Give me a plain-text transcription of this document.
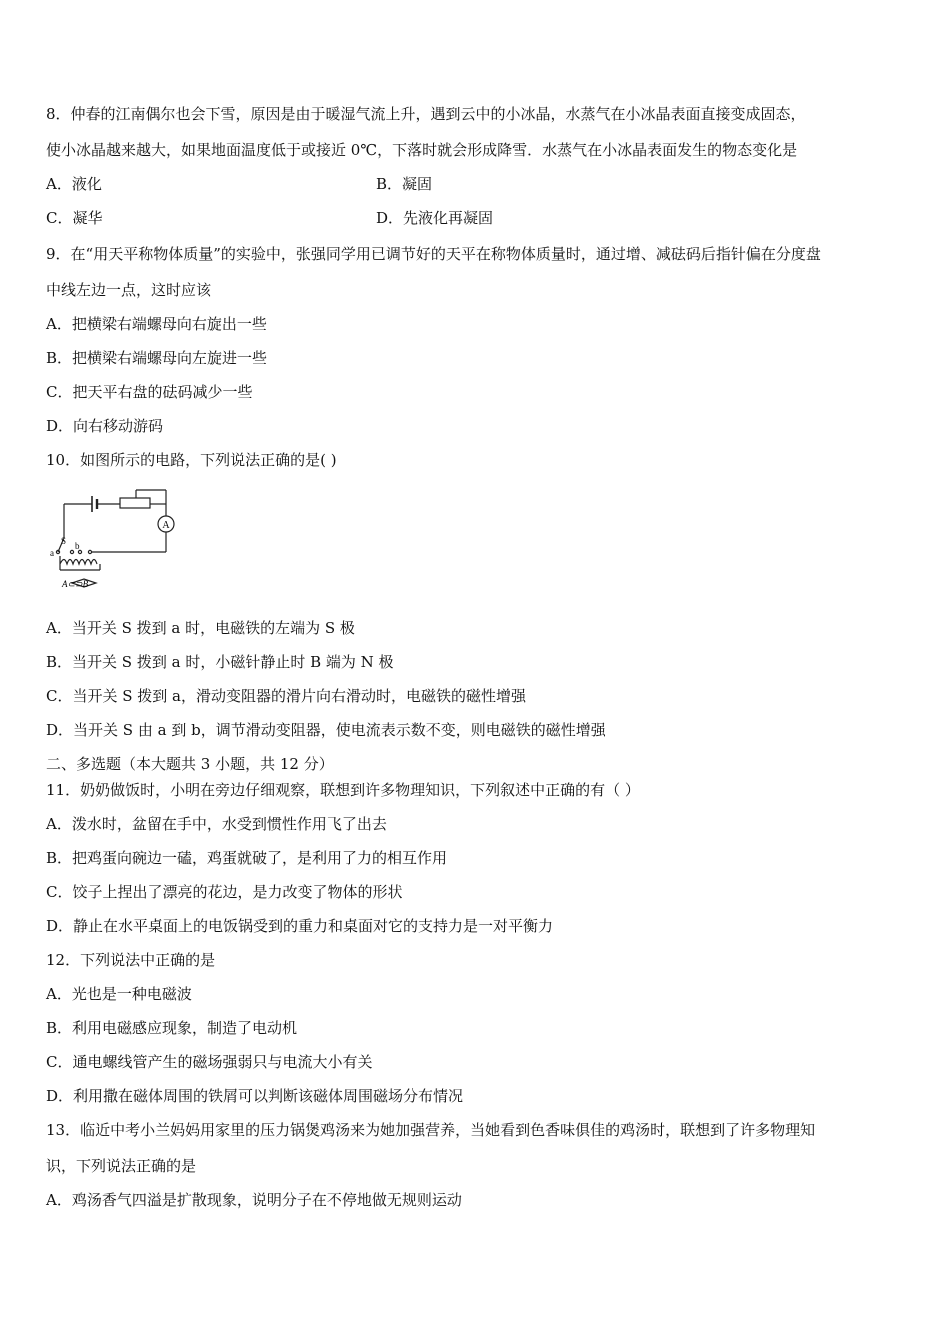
8．仲春的江南偶尔也会下雪，原因是由于暖湿气流上升，遇到云中的小冰晶，水蒸气在小冰晶表面直接变成固态，
使小冰晶越来越大，如果地面温度低于或接近 0℃，下落时就会形成降雪．水蒸气在小冰晶表面发生的物态变化是
A．液化	B．凝固
C．凝华	D．先液化再凝固
9．在“用天平称物体质量”的实验中，张强同学用已调节好的天平在称物体质量时，通过增、减砝码后指针偏在分度盘
中线左边一点，这时应该
A．把横梁右端螺母向右旋出一些
B．把横梁右端螺母向左旋进一些
C．把天平右盘的砝码减少一些
D．向右移动游码
10．如图所示的电路，下列说法正确的是( )
A
S
a
b
A⊂⊃B
A．当开关 S 拨到 a 时，电磁铁的左端为 S 极
B．当开关 S 拨到 a 时，小磁针静止时 B 端为 N 极
C．当开关 S 拨到 a，滑动变阻器的滑片向右滑动时，电磁铁的磁性增强
D．当开关 S 由 a 到 b，调节滑动变阻器，使电流表示数不变，则电磁铁的磁性增强
二、多选题（本大题共 3 小题，共 12 分）
11．奶奶做饭时，小明在旁边仔细观察，联想到许多物理知识，下列叙述中正确的有（ ）
A．泼水时，盆留在手中，水受到惯性作用飞了出去
B．把鸡蛋向碗边一磕，鸡蛋就破了，是利用了力的相互作用
C．饺子上捏出了漂亮的花边，是力改变了物体的形状
D．静止在水平桌面上的电饭锅受到的重力和桌面对它的支持力是一对平衡力
12．下列说法中正确的是
A．光也是一种电磁波
B．利用电磁感应现象，制造了电动机
C．通电螺线管产生的磁场强弱只与电流大小有关
D．利用撒在磁体周围的铁屑可以判断该磁体周围磁场分布情况
13．临近中考小兰妈妈用家里的压力锅煲鸡汤来为她加强营养，当她看到色香味俱佳的鸡汤时，联想到了许多物理知
识，下列说法正确的是
A．鸡汤香气四溢是扩散现象，说明分子在不停地做无规则运动
